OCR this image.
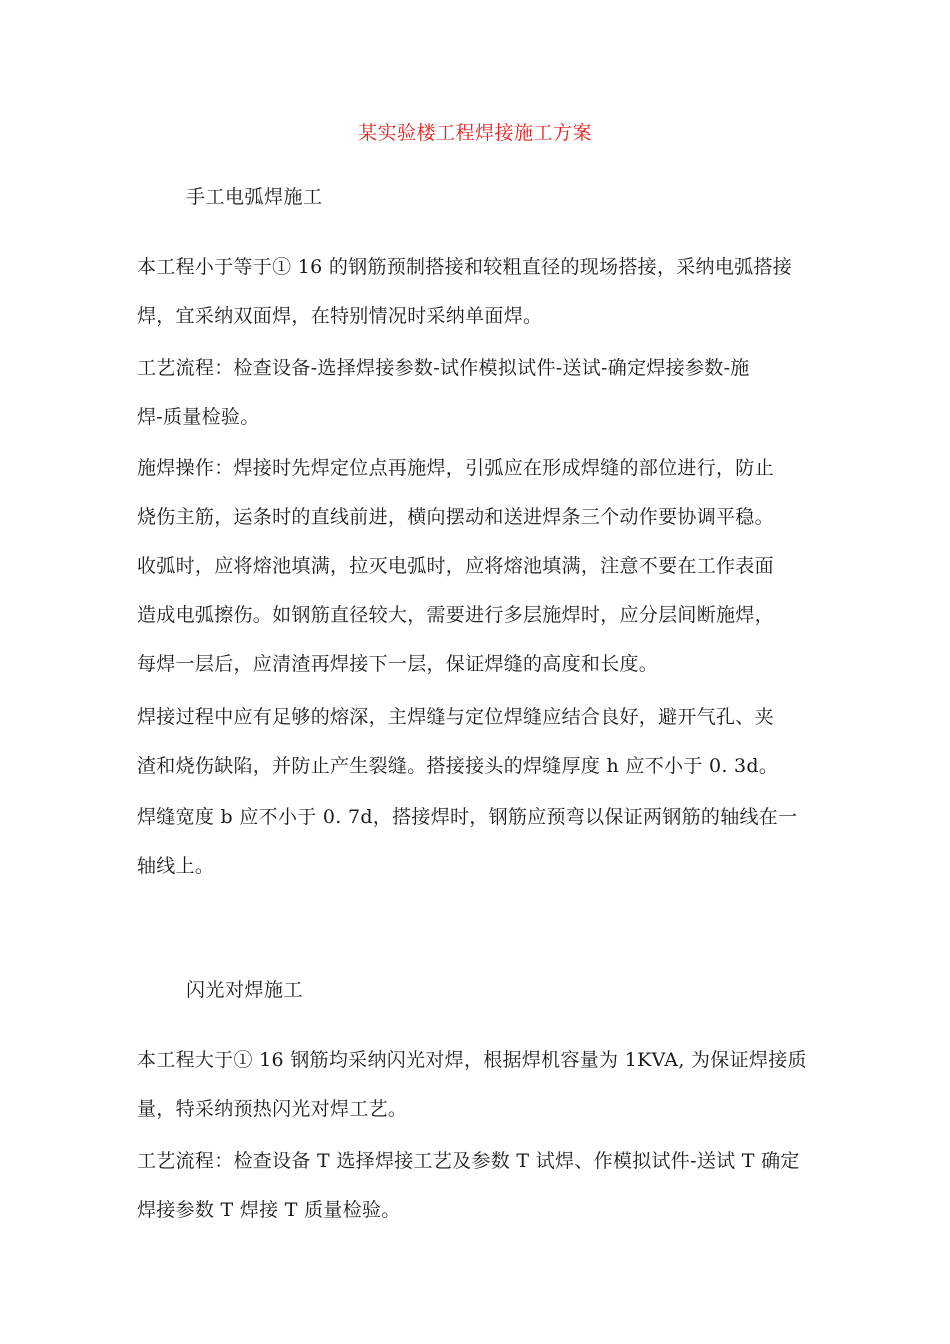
某实验楼工程焊接施工方案
手工电弧焊施工
本工程小于等于① 16 的钢筋预制搭接和较粗直径的现场搭接，采纳电弧搭接
焊，宜采纳双面焊，在特别情况时采纳单面焊。
工艺流程：检查设备-选择焊接参数-试作模拟试件-送试-确定焊接参数-施
焊-质量检验。
施焊操作：焊接时先焊定位点再施焊，引弧应在形成焊缝的部位进行，防止
烧伤主筋，运条时的直线前进，横向摆动和送进焊条三个动作要协调平稳。
收弧时，应将熔池填满，拉灭电弧时，应将熔池填满，注意不要在工作表面
造成电弧擦伤。如钢筋直径较大，需要进行多层施焊时，应分层间断施焊，
每焊一层后，应清渣再焊接下一层，保证焊缝的高度和长度。
焊接过程中应有足够的熔深，主焊缝与定位焊缝应结合良好，避开气孔、夹
渣和烧伤缺陷，并防止产生裂缝。搭接接头的焊缝厚度 h 应不小于 0. 3d。
焊缝宽度 b 应不小于 0. 7d，搭接焊时，钢筋应预弯以保证两钢筋的轴线在一
轴线上。
闪光对焊施工
本工程大于① 16 钢筋均采纳闪光对焊，根据焊机容量为 1KVA, 为保证焊接质
量，特采纳预热闪光对焊工艺。
工艺流程：检查设备 T 选择焊接工艺及参数 T 试焊、作模拟试件-送试 T 确定
焊接参数 T 焊接 T 质量检验。
